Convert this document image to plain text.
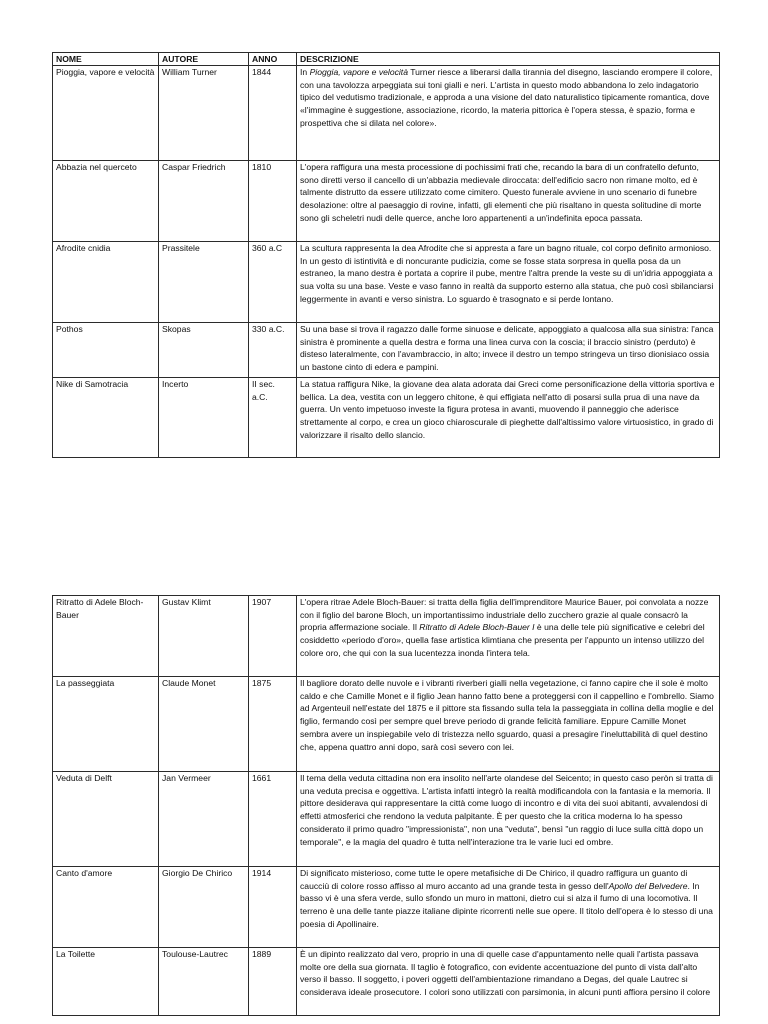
NOME	AUTORE	ANNO	DESCRIZIONE
Pioggia, vapore e velocità	William Turner	1844	In Pioggia, vapore e velocità Turner riesce a liberarsi dalla tirannia del disegno, lasciando erompere il colore, con una tavolozza arpeggiata sui toni gialli e neri. L'artista in questo modo abbandona lo zelo indagatorio tipico del vedutismo tradizionale, e approda a una visione del dato naturalistico tipicamente romantica, dove «l'immagine è suggestione, associazione, ricordo, la materia pittorica è l'opera stessa, è spazio, forma e prospettiva che si dilata nel colore».
Abbazia nel querceto	Caspar Friedrich	1810	L'opera raffigura una mesta processione di pochissimi frati che, recando la bara di un confratello defunto, sono diretti verso il cancello di un'abbazia medievale diroccata: dell'edificio sacro non rimane molto, ed è talmente distrutto da essere utilizzato come cimitero. Questo funerale avviene in uno scenario di funebre desolazione: oltre al paesaggio di rovine, infatti, gli elementi che più risaltano in questa solitudine di morte sono gli scheletri nudi delle querce, anche loro appartenenti a un'indefinita epoca passata.
Afrodite cnidia	Prassitele	360 a.C	La scultura rappresenta la dea Afrodite che si appresta a fare un bagno rituale, col corpo definito armonioso. In un gesto di istintività e di noncurante pudicizia, come se fosse stata sorpresa in quella posa da un estraneo, la mano destra è portata a coprire il pube, mentre l'altra prende la veste su di un'idria appoggiata a sua volta su una base. Veste e vaso fanno in realtà da supporto esterno alla statua, che può così sbilanciarsi leggermente in avanti e verso sinistra. Lo sguardo è trasognato e si perde lontano.
Pothos	Skopas	330 a.C.	Su una base si trova il ragazzo dalle forme sinuose e delicate, appoggiato a qualcosa alla sua sinistra: l'anca sinistra è prominente a quella destra e forma una linea curva con la coscia; il braccio sinistro (perduto) è disteso lateralmente, con l'avambraccio, in alto; invece il destro un tempo stringeva un tirso dionisiaco ossia un bastone cinto di edera e pampini.
Nike di Samotracia	Incerto	II sec. a.C.	La statua raffigura Nike, la giovane dea alata adorata dai Greci come personificazione della vittoria sportiva e bellica. La dea, vestita con un leggero chitone, è qui effigiata nell'atto di posarsi sulla prua di una nave da guerra. Un vento impetuoso investe la figura protesa in avanti, muovendo il panneggio che aderisce strettamente al corpo, e crea un gioco chiaroscurale di pieghette dall'altissimo valore virtuosistico, in grado di valorizzare il risalto dello slancio.
Ritratto di Adele Bloch-Bauer	Gustav Klimt	1907	L'opera ritrae Adele Bloch-Bauer: si tratta della figlia dell'imprenditore Maurice Bauer, poi convolata a nozze con il figlio del barone Bloch, un importantissimo industriale dello zucchero grazie al quale consacrò la propria affermazione sociale. Il Ritratto di Adele Bloch-Bauer I è una delle tele più significative e celebri del cosiddetto «periodo d'oro», quella fase artistica klimtiana che presenta per l'appunto un intenso utilizzo del colore oro, che qui con la sua lucentezza inonda l'intera tela.
La passeggiata	Claude Monet	1875	Il bagliore dorato delle nuvole e i vibranti riverberi gialli nella vegetazione, ci fanno capire che il sole è molto caldo e che Camille Monet e il figlio Jean hanno fatto bene a proteggersi con il cappellino e l'ombrello. Siamo ad Argenteuil nell'estate del 1875 e il pittore sta fissando sulla tela la passeggiata in collina della moglie e del figlio, fermando così per sempre quel breve periodo di grande felicità familiare. Eppure Camille Monet sembra avere un inspiegabile velo di tristezza nello sguardo, quasi a presagire l'ineluttabilità di quel destino che, appena quattro anni dopo, sarà così severo con lei.
Veduta di Delft	Jan Vermeer	1661	Il tema della veduta cittadina non era insolito nell'arte olandese del Seicento; in questo caso peròn si tratta di una veduta precisa e oggettiva. L'artista infatti integrò la realtà modificandola con la fantasia e la memoria. Il pittore desiderava qui rappresentare la città come luogo di incontro e di vita dei suoi abitanti, avvalendosi di effetti atmosferici che rendono la veduta palpitante. È per questo che la critica moderna lo ha spesso considerato il primo quadro "impressionista", non una "veduta", bensì "un raggio di luce sulla città dopo un temporale", e la magia del quadro è tutta nell'interazione tra le varie luci ed ombre.
Canto d'amore	Giorgio De Chirico	1914	Di significato misterioso, come tutte le opere metafisiche di De Chirico, il quadro raffigura un guanto di caucciù di colore rosso affisso al muro accanto ad una grande testa in gesso dell'Apollo del Belvedere. In basso vi è una sfera verde, sullo sfondo un muro in mattoni, dietro cui si alza il fumo di una locomotiva. Il terreno è una delle tante piazze italiane dipinte ricorrenti nelle sue opere. Il titolo dell'opera è lo stesso di una poesia di Apollinaire.
La Toilette	Toulouse-Lautrec	1889	È un dipinto realizzato dal vero, proprio in una di quelle case d'appuntamento nelle quali l'artista passava molte ore della sua giornata. Il taglio è fotografico, con evidente accentuazione del punto di vista dall'alto verso il basso. Il soggetto, i poveri oggetti dell'ambientazione rimandano a Degas, del quale Lautrec si considerava ideale prosecutore. I colori sono utilizzati con parsimonia, in alcuni punti affiora persino il colore
